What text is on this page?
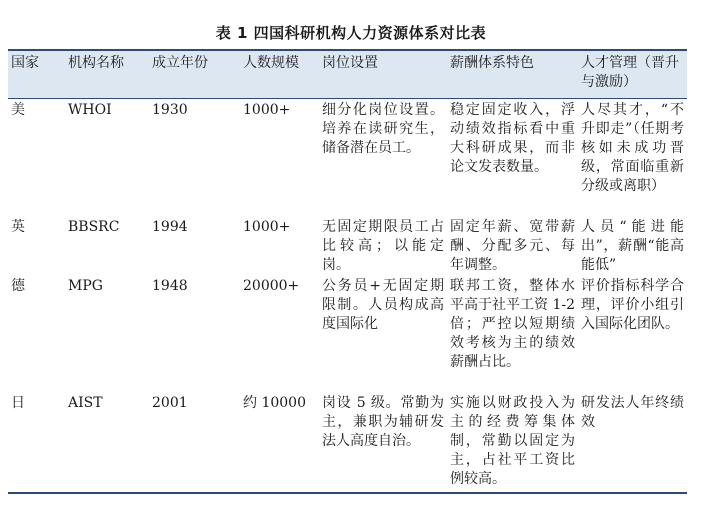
表 1 四国科研机构人力资源体系对比表
国家	机构名称	成立年份	人数规模	岗位设置	薪酬体系特色	人才管理（晋升与激励）
美	WHOI	1930	1000+	细分化岗位设置。培养在读研究生，储备潜在员工。	稳定固定收入，浮动绩效指标看中重大科研成果，而非论文发表数量。	人尽其才，“不升即走”（任期考核如未成功晋级，常面临重新分级或离职）
英	BBSRC	1994	1000+	无固定期限员工占比较高；以能定岗。	固定年薪、宽带薪酬、分配多元、每年调整。	人员“能进能出”，薪酬“能高能低”
德	MPG	1948	20000+	公务员+无固定期限制。人员构成高度国际化	联邦工资，整体水平高于社平工资 1-2 倍；严控以短期绩效考核为主的绩效薪酬占比。	评价指标科学合理，评价小组引入国际化团队。
日	AIST	2001	约 10000	岗设 5 级。常勤为主，兼职为辅研发法人高度自治。	实施以财政投入为主的经费筹集体制，常勤以固定为主，占社平工资比例较高。	研发法人年终绩效
